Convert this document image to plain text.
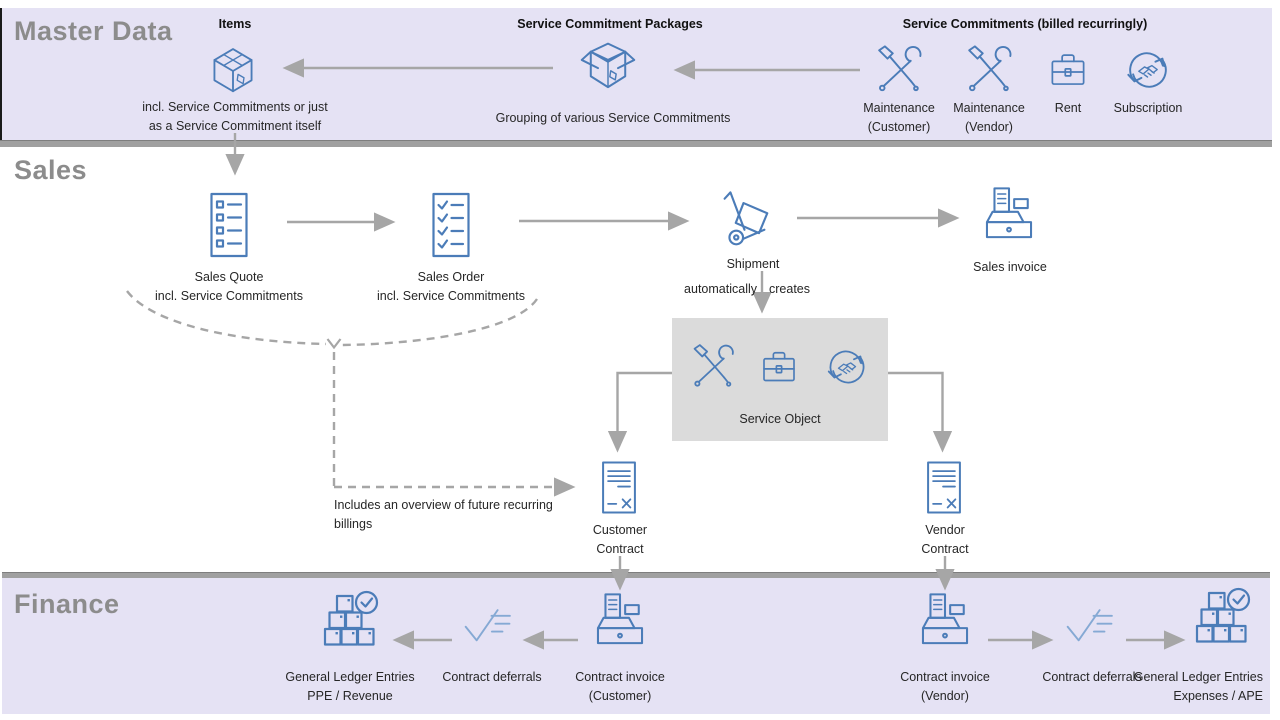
Master Data
Sales
Finance
Items
incl. Service Commitments or just
as a Service Commitment itself
Service Commitment Packages
Grouping of various Service Commitments
Service Commitments (billed recurringly)
Maintenance
(Customer)
Maintenance
(Vendor)
Rent	Subscription
Sales Quote
incl. Service Commitments
Sales Order
incl. Service Commitments
Shipment
automatically creates
Sales invoice
Service Object
Customer
Contract
Vendor
Contract
Includes an overview of future recurring
billings
General Ledger Entries
PPE / Revenue
Contract deferrals	Contract invoice
(Customer)
Contract invoice
(Vendor)
Contract deferrals
General Ledger Entries
Expenses / APE
